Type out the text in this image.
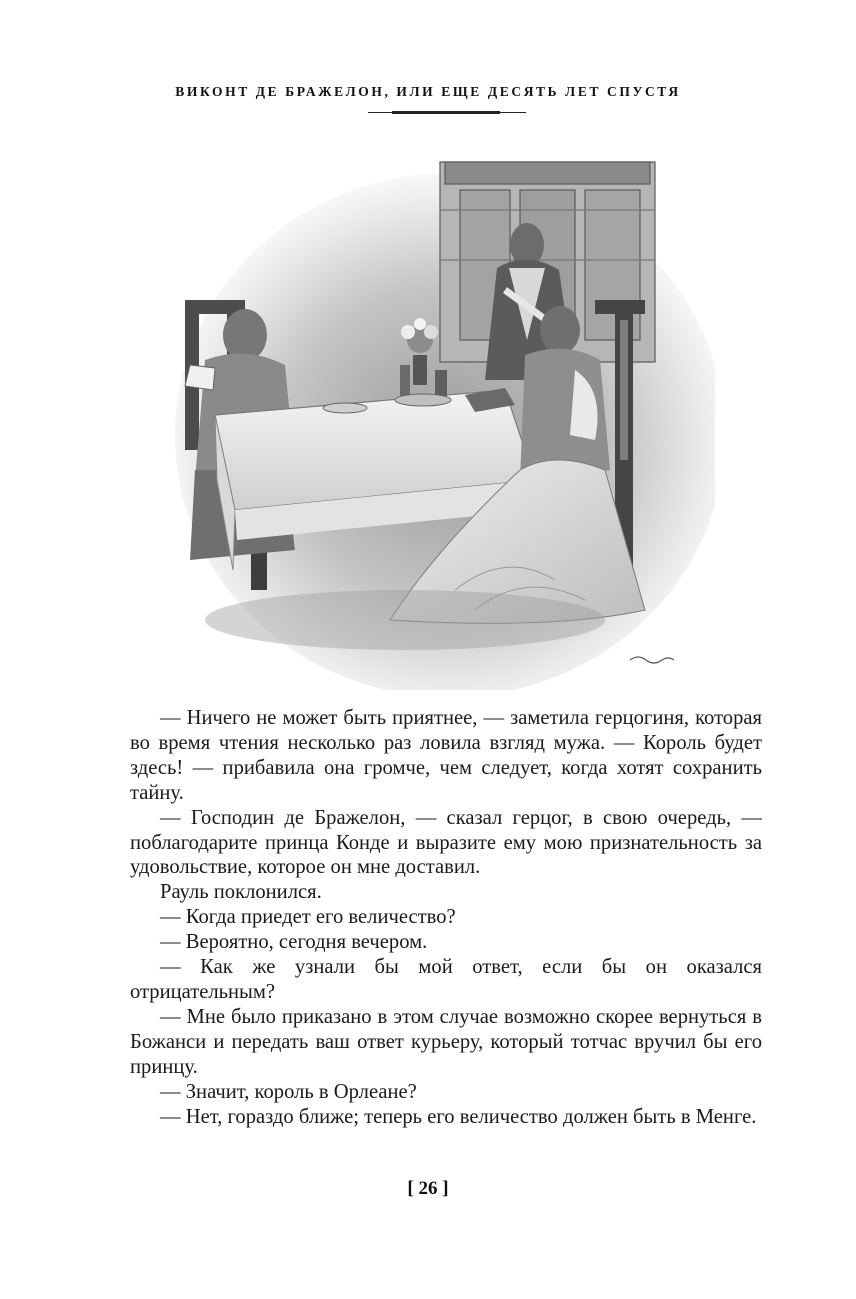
ВИКОНТ ДЕ БРАЖЕЛОН, ИЛИ ЕЩЕ ДЕСЯТЬ ЛЕТ СПУСТЯ

— Ничего не может быть приятнее, — заметила герцогиня, которая во время чтения несколько раз ловила взгляд мужа. — Король будет здесь! — прибавила она громче, чем следует, когда хотят сохранить тайну.

— Господин де Бражелон, — сказал герцог, в свою очередь, — поблагодарите принца Конде и выразите ему мою признательность за удовольствие, которое он мне доставил.

Рауль поклонился.

— Когда приедет его величество?

— Вероятно, сегодня вечером.

— Как же узнали бы мой ответ, если бы он оказался отрицательным?

— Мне было приказано в этом случае возможно скорее вернуться в Божанси и передать ваш ответ курьеру, который тотчас вручил бы его принцу.

— Значит, король в Орлеане?

— Нет, гораздо ближе; теперь его величество должен быть в Менге.

[ 26 ]
